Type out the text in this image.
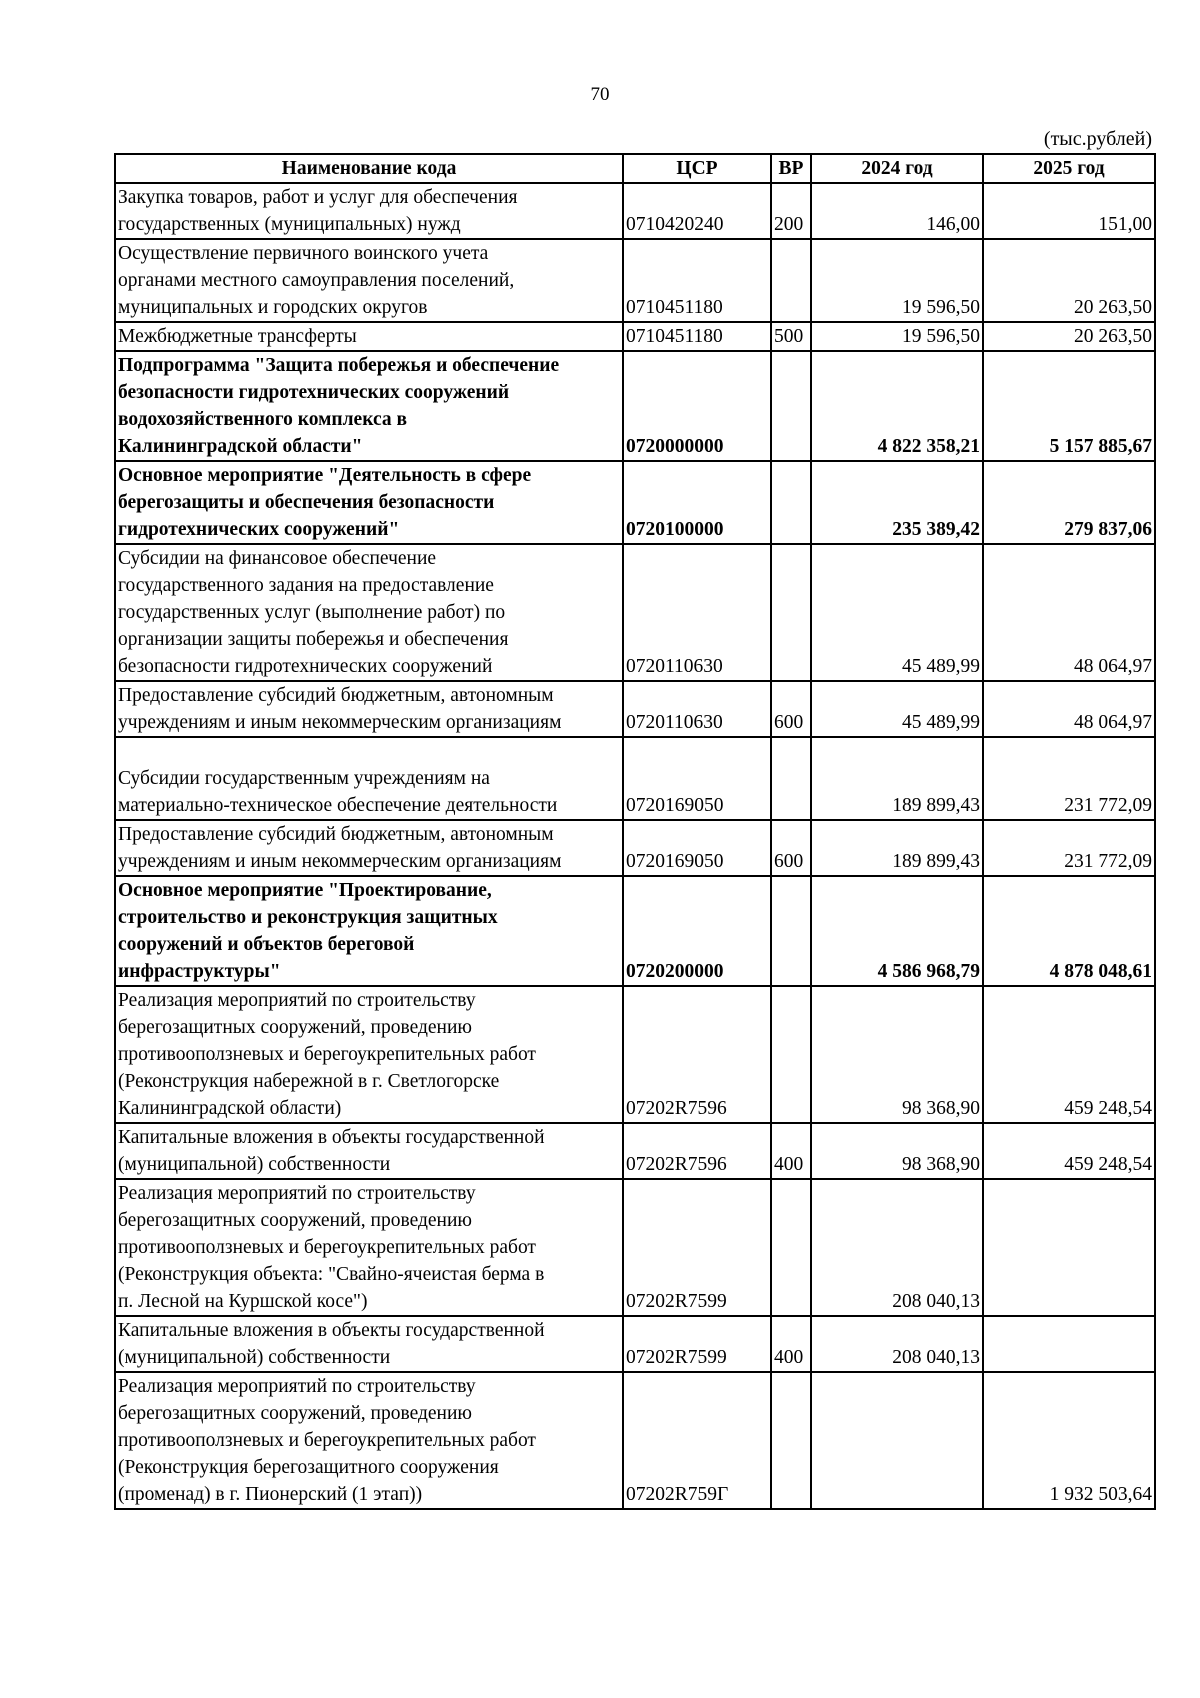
70
(тыс.рублей)
Наименование кода	ЦСР	ВР	2024 год	2025 год
Закупка товаров, работ и услуг для обеспечения
государственных (муниципальных) нужд	0710420240	200	146,00	151,00
Осуществление первичного воинского учета
органами местного самоуправления поселений,
муниципальных и городских округов	0710451180		19 596,50	20 263,50
Межбюджетные трансферты	0710451180	500	19 596,50	20 263,50
Подпрограмма "Защита побережья и обеспечение
безопасности гидротехнических сооружений
водохозяйственного комплекса в
Калининградской области"	0720000000		4 822 358,21	5 157 885,67
Основное мероприятие "Деятельность в сфере
берегозащиты и обеспечения безопасности
гидротехнических сооружений"	0720100000		235 389,42	279 837,06
Субсидии на финансовое обеспечение
государственного задания на предоставление
государственных услуг (выполнение работ) по
организации защиты побережья и обеспечения
безопасности гидротехнических сооружений	0720110630		45 489,99	48 064,97
Предоставление субсидий бюджетным, автономным
учреждениям и иным некоммерческим организациям	0720110630	600	45 489,99	48 064,97
Субсидии государственным учреждениям на
материально-техническое обеспечение деятельности	0720169050		189 899,43	231 772,09
Предоставление субсидий бюджетным, автономным
учреждениям и иным некоммерческим организациям	0720169050	600	189 899,43	231 772,09
Основное мероприятие "Проектирование,
строительство и реконструкция защитных
сооружений и объектов береговой
инфраструктуры"	0720200000		4 586 968,79	4 878 048,61
Реализация мероприятий по строительству
берегозащитных сооружений, проведению
противооползневых и берегоукрепительных работ
(Реконструкция набережной в г. Светлогорске
Калининградской области)	07202R7596		98 368,90	459 248,54
Капитальные вложения в объекты государственной
(муниципальной) собственности	07202R7596	400	98 368,90	459 248,54
Реализация мероприятий по строительству
берегозащитных сооружений, проведению
противооползневых и берегоукрепительных работ
(Реконструкция объекта: "Свайно-ячеистая берма в
п. Лесной на Куршской косе")	07202R7599		208 040,13	
Капитальные вложения в объекты государственной
(муниципальной) собственности	07202R7599	400	208 040,13	
Реализация мероприятий по строительству
берегозащитных сооружений, проведению
противооползневых и берегоукрепительных работ
(Реконструкция берегозащитного сооружения
(променад) в г. Пионерский (1 этап))	07202R759Г			1 932 503,64
